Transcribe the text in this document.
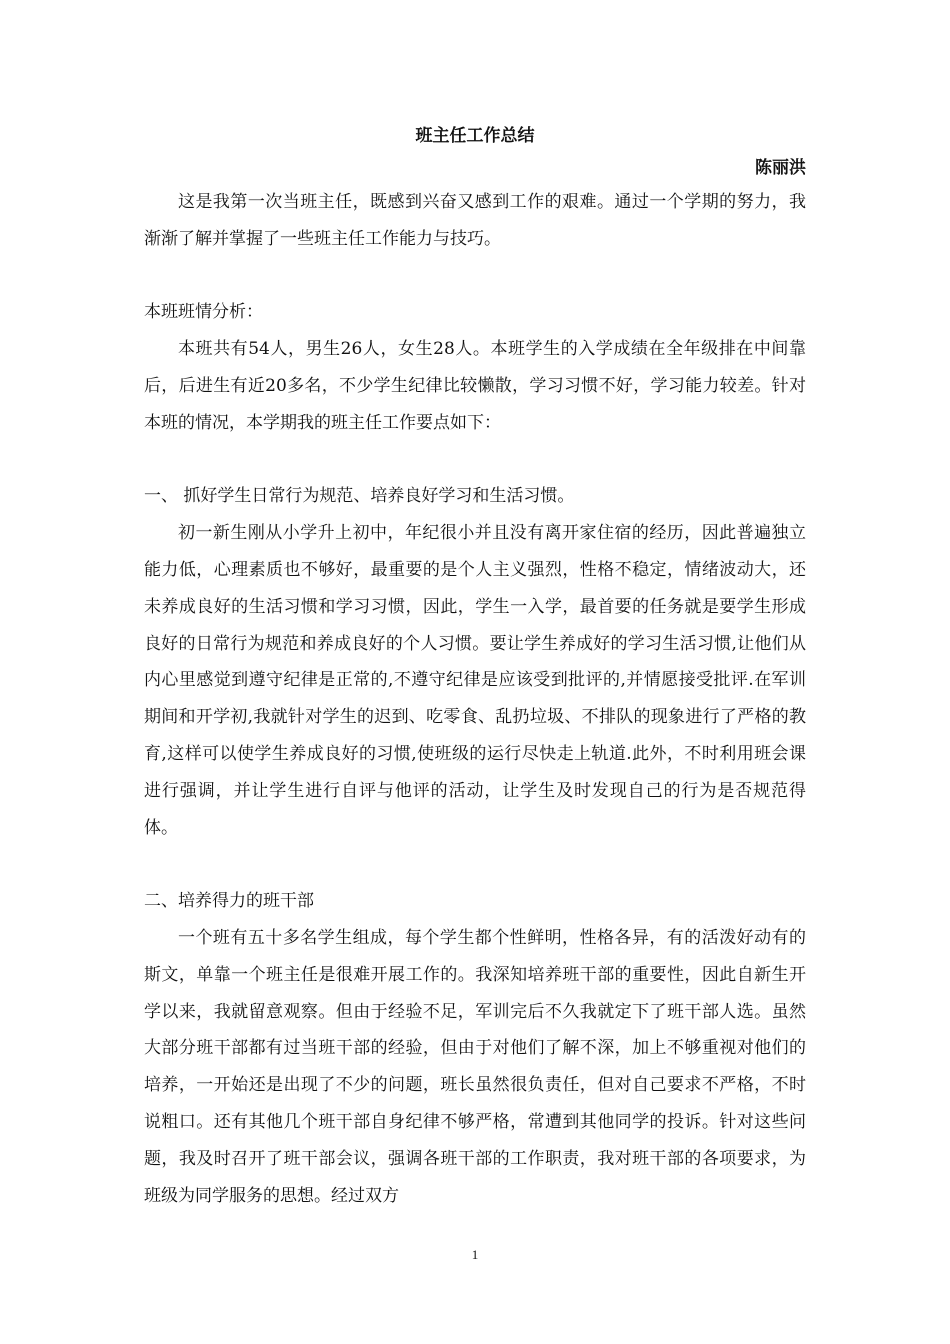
班主任工作总结

陈丽洪

这是我第一次当班主任，既感到兴奋又感到工作的艰难。通过一个学期的努力，我渐渐了解并掌握了一些班主任工作能力与技巧。

本班班情分析：

本班共有54人，男生26人，女生28人。本班学生的入学成绩在全年级排在中间靠后，后进生有近20多名，不少学生纪律比较懒散，学习习惯不好，学习能力较差。针对本班的情况，本学期我的班主任工作要点如下：

一、 抓好学生日常行为规范、培养良好学习和生活习惯。

初一新生刚从小学升上初中，年纪很小并且没有离开家住宿的经历，因此普遍独立能力低，心理素质也不够好，最重要的是个人主义强烈，性格不稳定，情绪波动大，还未养成良好的生活习惯和学习习惯，因此，学生一入学，最首要的任务就是要学生形成良好的日常行为规范和养成良好的个人习惯。要让学生养成好的学习生活习惯,让他们从内心里感觉到遵守纪律是正常的,不遵守纪律是应该受到批评的,并情愿接受批评.在军训期间和开学初,我就针对学生的迟到、吃零食、乱扔垃圾、不排队的现象进行了严格的教育,这样可以使学生养成良好的习惯,使班级的运行尽快走上轨道.此外，不时利用班会课进行强调，并让学生进行自评与他评的活动，让学生及时发现自己的行为是否规范得体。

二、培养得力的班干部

一个班有五十多名学生组成，每个学生都个性鲜明，性格各异，有的活泼好动有的斯文，单靠一个班主任是很难开展工作的。我深知培养班干部的重要性，因此自新生开学以来，我就留意观察。但由于经验不足，军训完后不久我就定下了班干部人选。虽然大部分班干部都有过当班干部的经验，但由于对他们了解不深，加上不够重视对他们的培养，一开始还是出现了不少的问题，班长虽然很负责任，但对自己要求不严格，不时说粗口。还有其他几个班干部自身纪律不够严格，常遭到其他同学的投诉。针对这些问题，我及时召开了班干部会议，强调各班干部的工作职责，我对班干部的各项要求，为班级为同学服务的思想。经过双方

1
